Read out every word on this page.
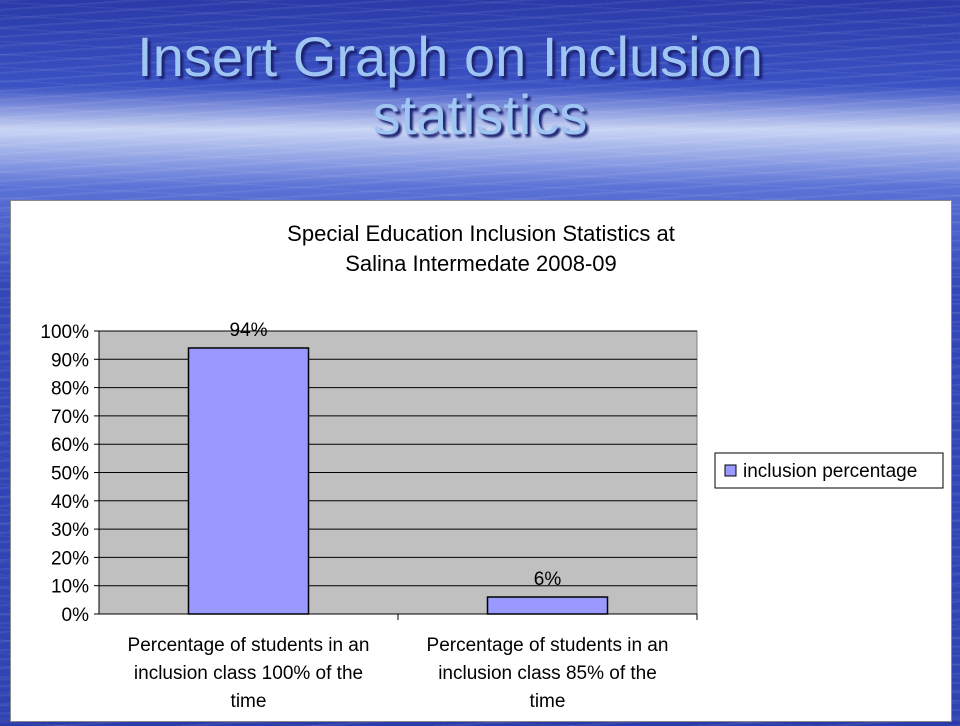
Insert Graph on Inclusion
statistics
Special Education Inclusion Statistics at
Salina Intermedate 2008-09
0%
10%
20%
30%
40%
50%
60%
70%
80%
90%
100%	94%
Percentage of students in an
inclusion class 100% of the
time
6%
Percentage of students in an
inclusion class 85% of the
time
inclusion percentage
